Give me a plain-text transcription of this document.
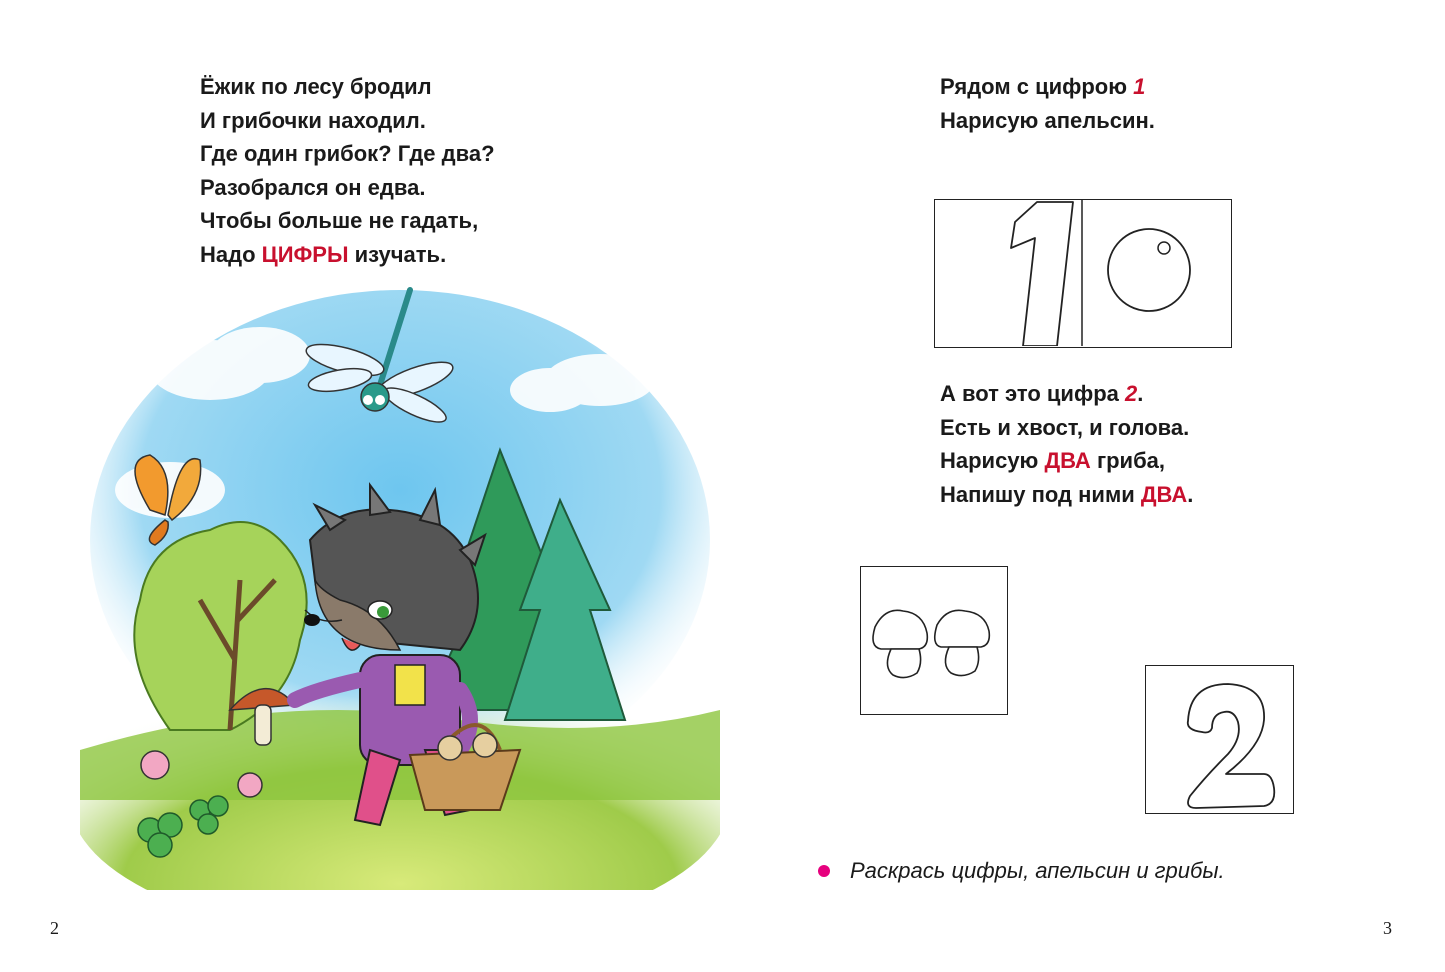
Ёжик по лесу бродил
И грибочки находил.
Где один грибок? Где два?
Разобрался он едва.
Чтобы больше не гадать,
Надо ЦИФРЫ изучать.
2
Рядом с цифрою 1
Нарисую апельсин.
А вот это цифра 2.
Есть и хвост, и голова.
Нарисую ДВА гриба,
Напишу под ними ДВА.
Раскрась цифры, апельсин и грибы.
3
